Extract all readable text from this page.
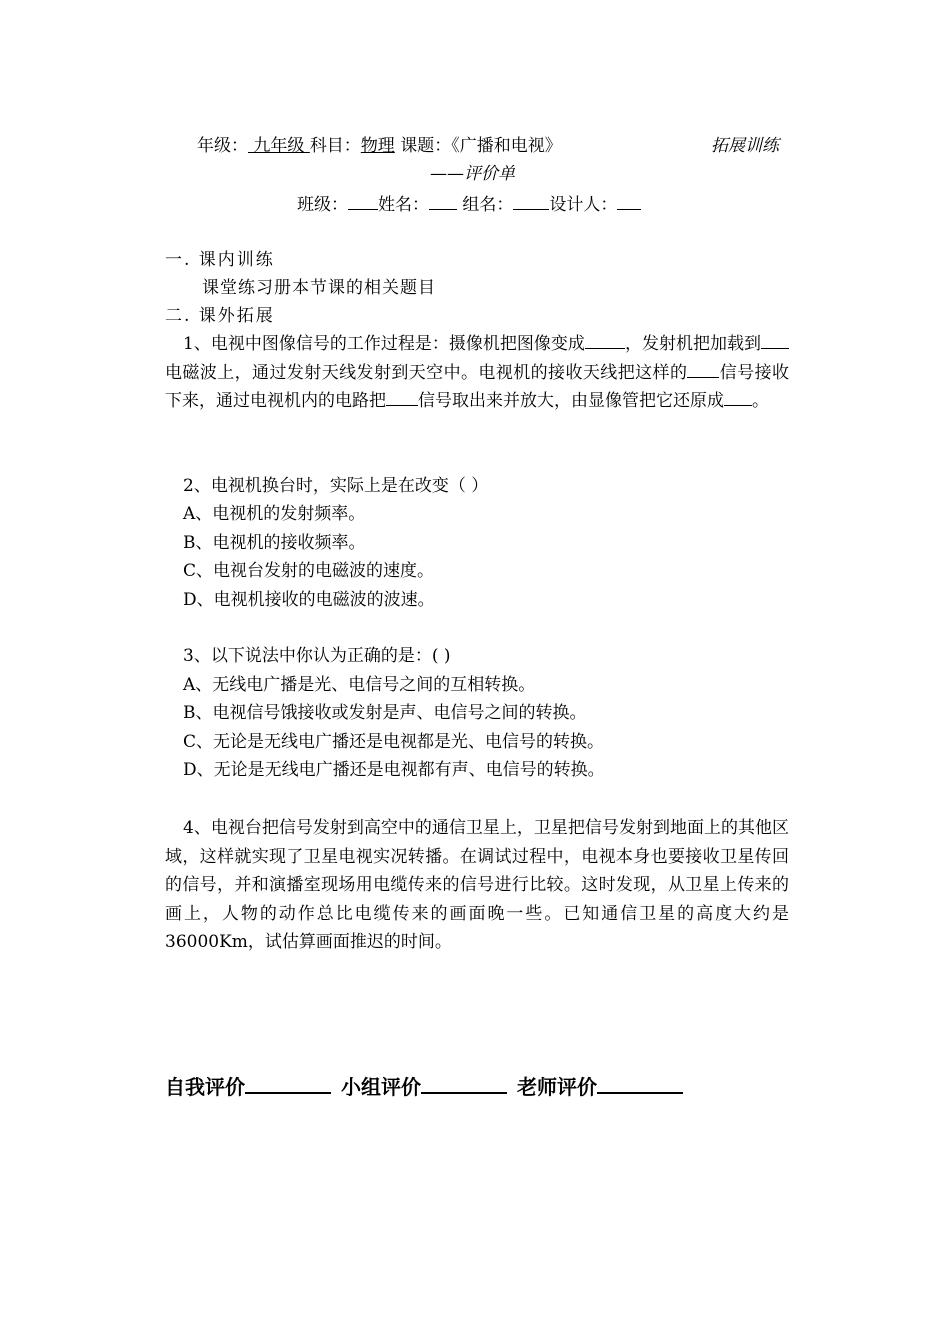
年级： 九年级 科目：物理 课题：《广播和电视》	拓展训练
——评价单
班级： 姓名： 组名： 设计人：
一. 课内训练
课堂练习册本节课的相关题目
二. 课外拓展
1、电视中图像信号的工作过程是：摄像机把图像变成 ，发射机把加载到电磁波上，通过发射天线发射到天空中。电视机的接收天线把这样的 信号接收下来，通过电视机内的电路把 信号取出来并放大，由显像管把它还原成 。
2、电视机换台时，实际上是在改变（ ）
A、电视机的发射频率。
B、电视机的接收频率。
C、电视台发射的电磁波的速度。
D、电视机接收的电磁波的波速。
3、以下说法中你认为正确的是：( )
A、无线电广播是光、电信号之间的互相转换。
B、电视信号饿接收或发射是声、电信号之间的转换。
C、无论是无线电广播还是电视都是光、电信号的转换。
D、无论是无线电广播还是电视都有声、电信号的转换。
4、电视台把信号发射到高空中的通信卫星上，卫星把信号发射到地面上的其他区域，这样就实现了卫星电视实况转播。在调试过程中，电视本身也要接收卫星传回的信号，并和演播室现场用电缆传来的信号进行比较。这时发现，从卫星上传来的画上，人物的动作总比电缆传来的画面晚一些。已知通信卫星的高度大约是36000Km，试估算画面推迟的时间。
自我评价	小组评价	老师评价
